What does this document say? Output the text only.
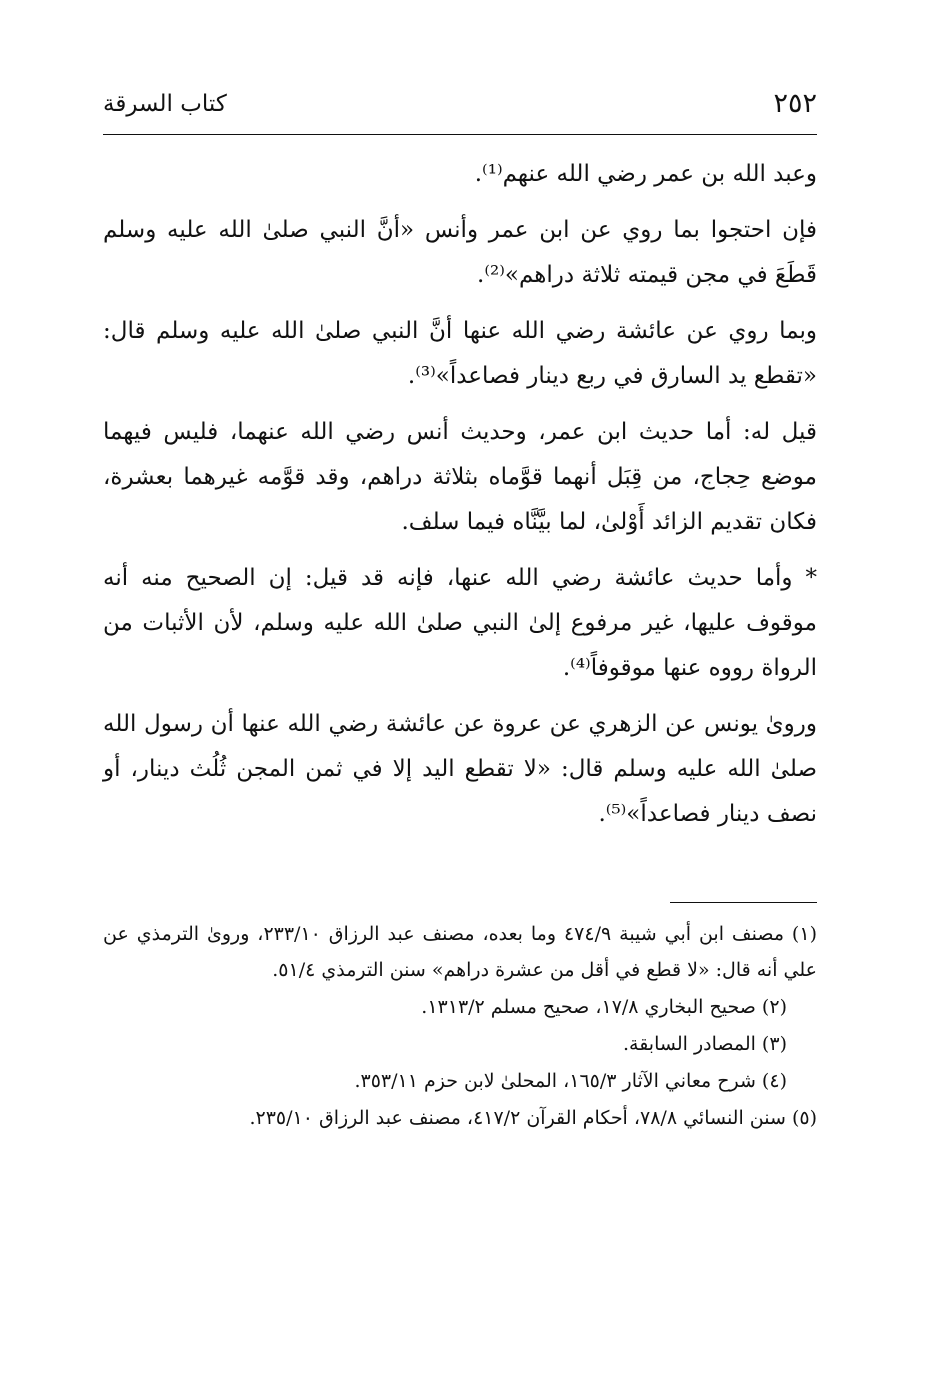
٢٥٢
كتاب السرقة

وعبد الله بن عمر رضي الله عنهم⁽¹⁾.

فإن احتجوا بما روي عن ابن عمر وأنس «أنَّ النبي صلىٰ الله عليه وسلم قَطَعَ في مجن قيمته ثلاثة دراهم»⁽²⁾.

وبما روي عن عائشة رضي الله عنها أنَّ النبي صلىٰ الله عليه وسلم قال: «تقطع يد السارق في ربع دينار فصاعداً»⁽³⁾.

قيل له: أما حديث ابن عمر، وحديث أنس رضي الله عنهما، فليس فيهما موضع حِجاج، من قِبَل أنهما قوَّماه بثلاثة دراهم، وقد قوَّمه غيرهما بعشرة، فكان تقديم الزائد أَوْلىٰ، لما بيَّنَّاه فيما سلف.

* وأما حديث عائشة رضي الله عنها، فإنه قد قيل: إن الصحيح منه أنه موقوف عليها، غير مرفوع إلىٰ النبي صلىٰ الله عليه وسلم، لأن الأثبات من الرواة رووه عنها موقوفاً⁽⁴⁾.

ورویٰ يونس عن الزهري عن عروة عن عائشة رضي الله عنها أن رسول الله صلىٰ الله عليه وسلم قال: «لا تقطع اليد إلا في ثمن المجن ثُلُث دينار، أو نصف دينار فصاعداً»⁽⁵⁾.

(١) مصنف ابن أبي شيبة ٤٧٤/٩ وما بعده، مصنف عبد الرزاق ٢٣٣/١٠، وروىٰ الترمذي عن علي أنه قال: «لا قطع في أقل من عشرة دراهم» سنن الترمذي ٥١/٤.

(٢) صحيح البخاري ١٧/٨، صحيح مسلم ١٣١٣/٢.

(٣) المصادر السابقة.

(٤) شرح معاني الآثار ١٦٥/٣، المحلىٰ لابن حزم ٣٥٣/١١.

(٥) سنن النسائي ٧٨/٨، أحكام القرآن ٤١٧/٢، مصنف عبد الرزاق ٢٣٥/١٠.
